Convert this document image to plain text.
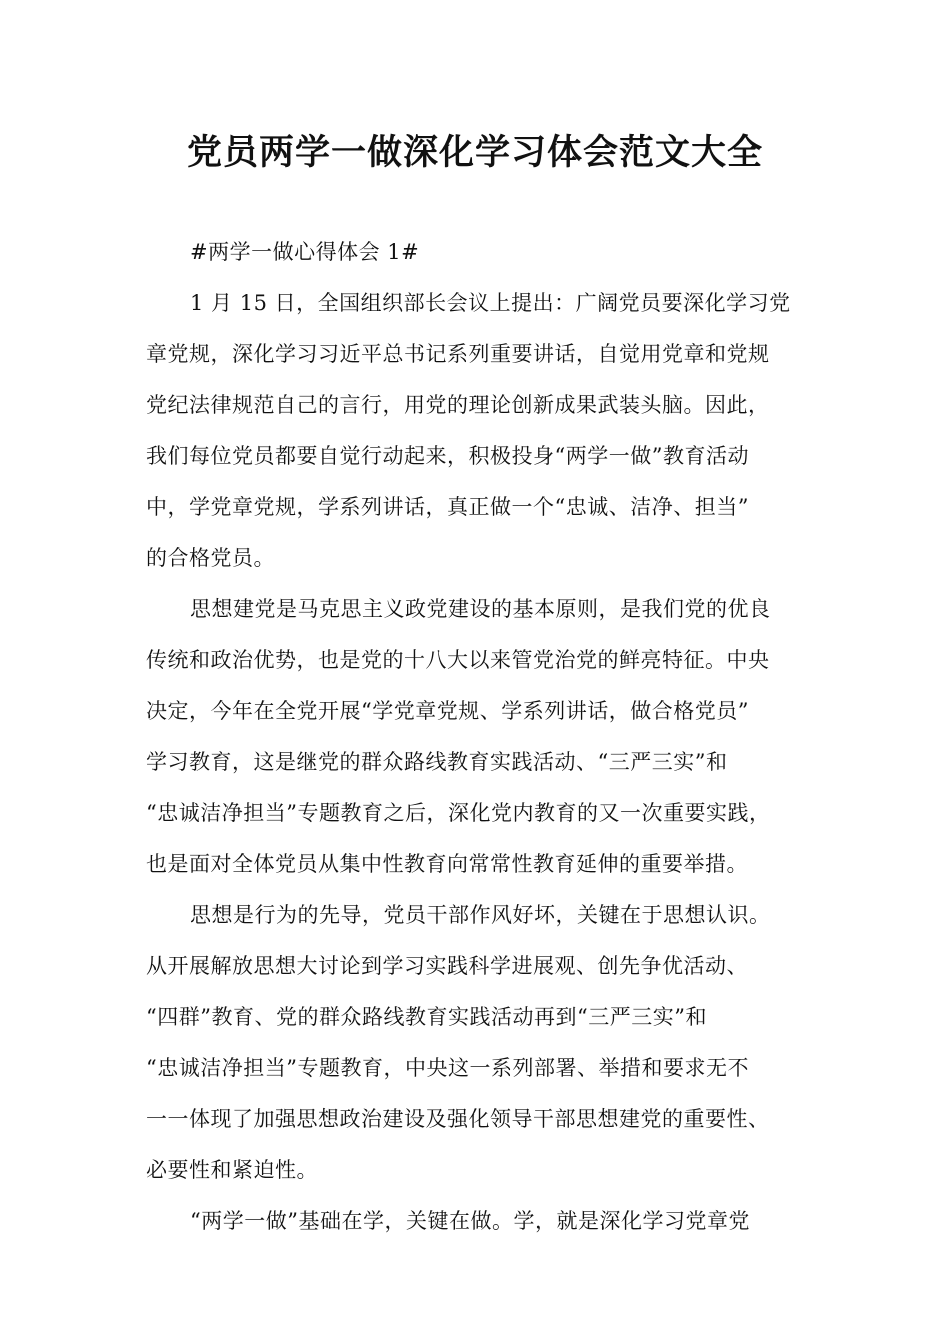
党员两学一做深化学习体会范文大全
#两学一做心得体会 1#
1 月 15 日，全国组织部长会议上提出：广阔党员要深化学习党
章党规，深化学习习近平总书记系列重要讲话，自觉用党章和党规
党纪法律规范自己的言行，用党的理论创新成果武装头脑。因此，
我们每位党员都要自觉行动起来，积极投身“两学一做”教育活动
中，学党章党规，学系列讲话，真正做一个“忠诚、洁净、担当”
的合格党员。
思想建党是马克思主义政党建设的基本原则，是我们党的优良
传统和政治优势，也是党的十八大以来管党治党的鲜亮特征。中央
决定，今年在全党开展“学党章党规、学系列讲话，做合格党员”
学习教育，这是继党的群众路线教育实践活动、“三严三实”和
“忠诚洁净担当”专题教育之后，深化党内教育的又一次重要实践，
也是面对全体党员从集中性教育向常常性教育延伸的重要举措。
思想是行为的先导，党员干部作风好坏，关键在于思想认识。
从开展解放思想大讨论到学习实践科学进展观、创先争优活动、
“四群”教育、党的群众路线教育实践活动再到“三严三实”和
“忠诚洁净担当”专题教育，中央这一系列部署、举措和要求无不
一一体现了加强思想政治建设及强化领导干部思想建党的重要性、
必要性和紧迫性。
“两学一做”基础在学，关键在做。学，就是深化学习党章党
